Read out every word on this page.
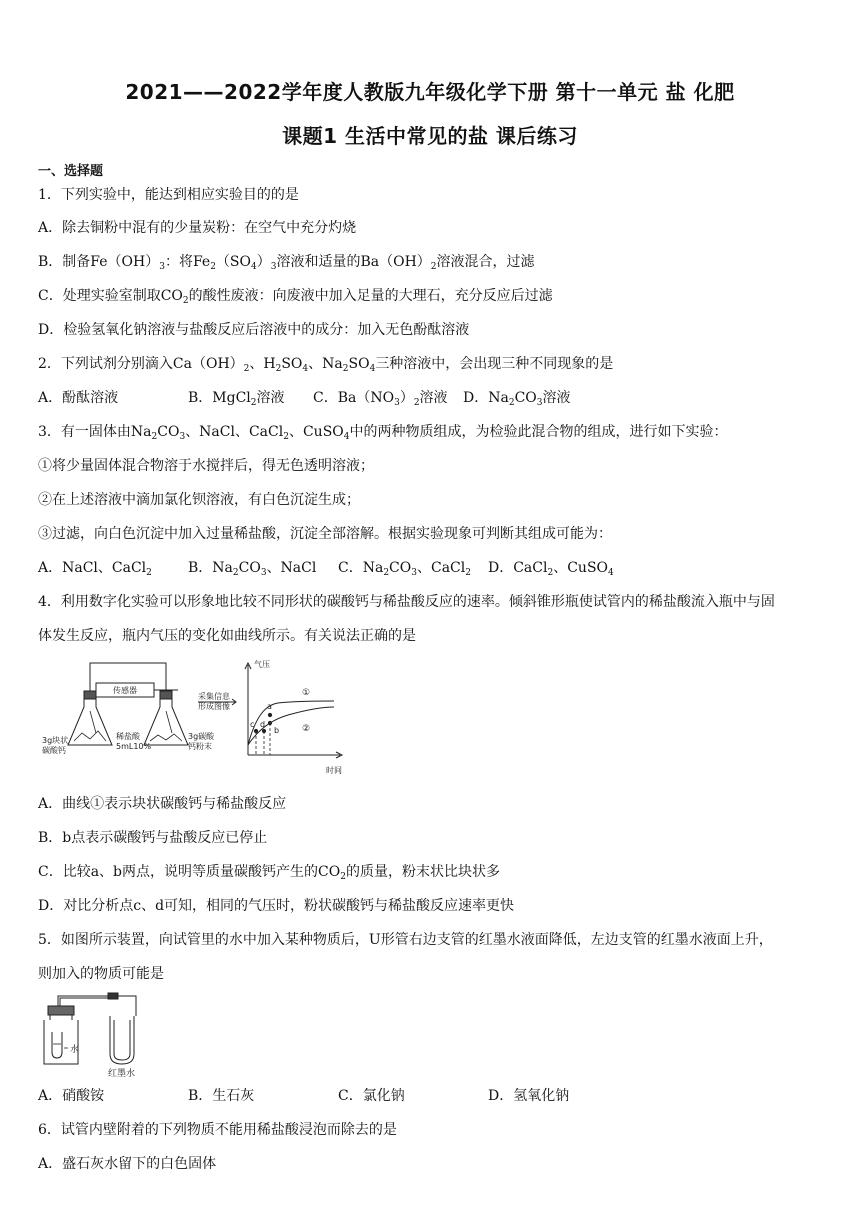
2021——2022学年度人教版九年级化学下册 第十一单元 盐 化肥
课题1 生活中常见的盐 课后练习
一、选择题
1．下列实验中，能达到相应实验目的的是
A．除去铜粉中混有的少量炭粉：在空气中充分灼烧
B．制备$Fe(OH)_3$：将$Fe_2(SO_4)_3$溶液和适量的$Ba(OH)_2$溶液混合，过滤
C．处理实验室制取$CO_2$的酸性废液：向废液中加入足量的大理石，充分反应后过滤
D．检验氢氧化钠溶液与盐酸反应后溶液中的成分：加入无色酚酞溶液
2．下列试剂分别滴入$Ca(OH)_2$、$H_2SO_4$、$Na_2SO_4$三种溶液中，会出现三种不同现象的是
A．酚酞溶液	B．MgCl$_2$溶液 C．$Ba(NO_3)_2$溶液 D．$Na_2CO_3$溶液
3．有一固体由$Na_2CO_3$、NaCl、CaCl$_2$、CuSO$_4$中的两种物质组成，为检验此混合物的组成，进行如下实验：
①将少量固体混合物溶于水搅拌后，得无色透明溶液；
②在上述溶液中滴加氯化钡溶液，有白色沉淀生成；
③过滤，向白色沉淀中加入过量稀盐酸，沉淀全部溶解。根据实验现象可判断其组成可能为：
A．NaCl、CaCl$_2$	B．$Na_2CO_3$、NaCl C．$Na_2CO_3$、CaCl$_2$ D．CaCl$_2$、CuSO$_4$
4．利用数字化实验可以形象地比较不同形状的碳酸钙与稀盐酸反应的速率。倾斜锥形瓶使试管内的稀盐酸流入瓶中与固
体发生反应，瓶内气压的变化如曲线所示。有关说法正确的是
传感器
3g块状
碳酸钙
稀盐酸
5mL10%
3g碳酸
钙粉末
采集信息
形成图像
气压
时间
a
b
c d
①
②
A．曲线①表示块状碳酸钙与稀盐酸反应
B．b点表示碳酸钙与盐酸反应已停止
C．比较a、b两点，说明等质量碳酸钙产生的$CO_2$的质量，粉末状比块状多
D．对比分析点c、d可知，相同的气压时，粉状碳酸钙与稀盐酸反应速率更快
5．如图所示装置，向试管里的水中加入某种物质后，U形管右边支管的红墨水液面降低，左边支管的红墨水液面上升，
则加入的物质可能是
水
红墨水
A．硝酸铵	B．生石灰	C．氯化钠	D．氢氧化钠
6．试管内壁附着的下列物质不能用稀盐酸浸泡而除去的是
A．盛石灰水留下的白色固体
